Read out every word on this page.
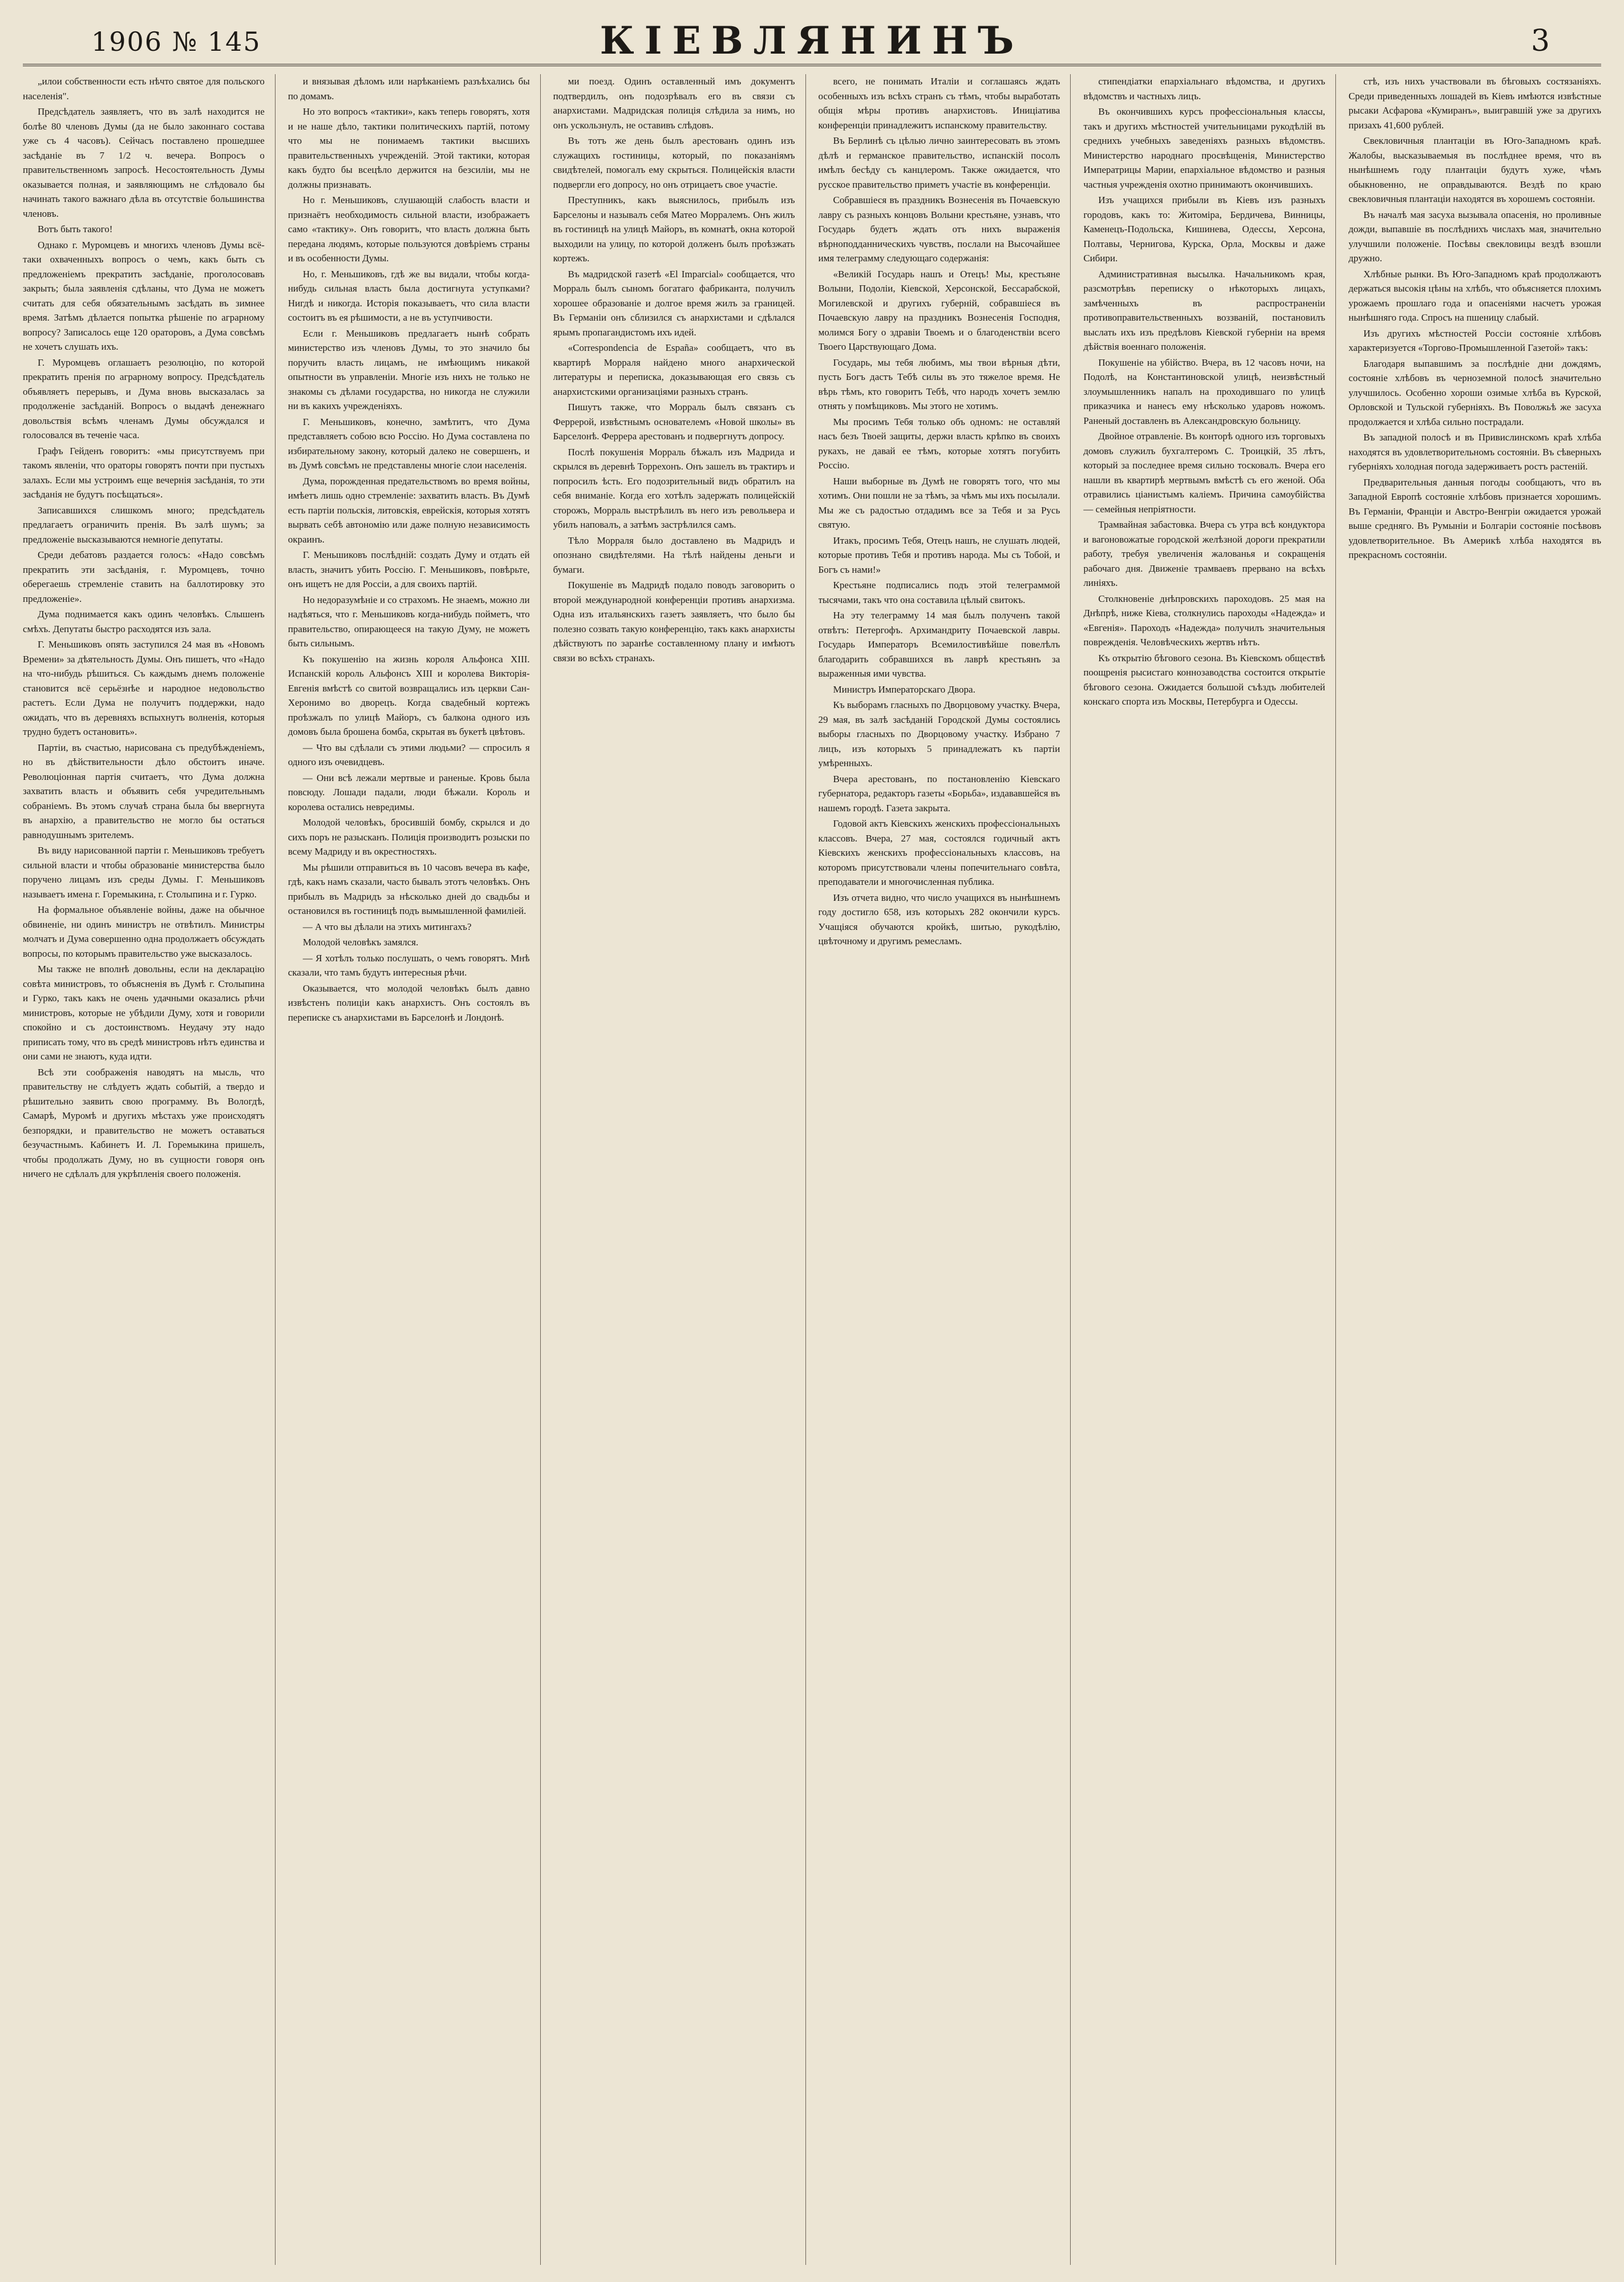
1906 № 145	КІЕВЛЯНИНЪ	3

„илои собственности есть нѣчто святое для польского населенія".

Предсѣдатель заявляетъ, что въ залѣ находится не болѣе 80 членовъ Думы (да не было законнаго состава уже съ 4 часовъ). Сейчасъ поставлено прошедшее засѣданіе въ 7 1/2 ч. вечера. Вопросъ о правительственномъ запросѣ. Несостоятельность Думы оказывается полная, и заявляющимъ не слѣдовало бы начинать такого важнаго дѣла въ отсутствіе большинства членовъ.

Вотъ быть такого!

Однако г. Муромцевъ и многихъ членовъ Думы всё-таки охваченныхъ вопросъ о чемъ, какъ быть съ предложеніемъ прекратить засѣданіе, проголосовавъ закрыть; была заявленія сдѣланы, что Дума не можетъ считать для себя обязательнымъ засѣдать въ зимнее время. Затѣмъ дѣлается попытка рѣшеніе по аграрному вопросу? Записалось еще 120 ораторовъ, а Дума совсѣмъ не хочетъ слушать ихъ.

Г. Муромцевъ оглашаетъ резолюцію, по которой прекратить пренія по аграрному вопросу. Предсѣдатель объявляетъ перерывъ, и Дума вновь высказалась за продолженіе засѣданій. Вопросъ о выдачѣ денежнаго довольствія всѣмъ членамъ Думы обсуждался и голосовался въ теченіе часа.

Графъ Гейденъ говоритъ: «мы присутствуемъ при такомъ явленіи, что ораторы говорятъ почти при пустыхъ залахъ. Если мы устроимъ еще вечернія засѣданія, то эти засѣданія не будутъ посѣщаться».

Записавшихся слишкомъ много; предсѣдатель предлагаетъ ограничить пренія. Въ залѣ шумъ; за предложеніе высказываются немногіе депутаты.

Среди дебатовъ раздается голосъ: «Надо совсѣмъ прекратить эти засѣданія, г. Муромцевъ, точно оберегаешь стремленіе ставить на баллотировку это предложеніе».

Дума поднимается какъ одинъ человѣкъ. Слышенъ смѣхъ. Депутаты быстро расходятся изъ зала.

Г. Меньшиковъ опять заступился 24 мая въ «Новомъ Времени» за дѣятельность Думы. Онъ пишетъ, что «Надо на что-нибудь рѣшиться. Съ каждымъ днемъ положеніе становится всё серьёзнѣе и народное недовольство растетъ. Если Дума не получитъ поддержки, надо ожидать, что въ деревняхъ вспыхнутъ волненія, которыя трудно будетъ остановить».

Партіи, въ счастью, нарисована съ предубѣжденіемъ, но въ дѣйствительности дѣло обстоитъ иначе. Революціонная партія считаетъ, что Дума должна захватить власть и объявить себя учредительнымъ собраніемъ. Въ этомъ случаѣ страна была бы ввергнута въ анархію, а правительство не могло бы остаться равнодушнымъ зрителемъ.

Въ виду нарисованной партіи г. Меньшиковъ требуетъ сильной власти и чтобы образованіе министерства было поручено лицамъ изъ среды Думы. Г. Меньшиковъ называетъ имена г. Горемыкина, г. Столыпина и г. Гурко.

На формальное объявленіе войны, даже на обычное обвиненіе, ни одинъ министръ не отвѣтилъ. Министры молчатъ и Дума совершенно одна продолжаетъ обсуждать вопросы, по которымъ правительство уже высказалось.

Мы также не вполнѣ довольны, если на декларацію совѣта министровъ, то объясненія въ Думѣ г. Столыпина и Гурко, такъ какъ не очень удачными оказались рѣчи министровъ, которые не убѣдили Думу, хотя и говорили спокойно и съ достоинствомъ. Неудачу эту надо приписать тому, что въ средѣ министровъ нѣтъ единства и они сами не знаютъ, куда идти.

Всѣ эти соображенія наводятъ на мысль, что правительству не слѣдуетъ ждать событій, а твердо и рѣшительно заявить свою программу. Въ Вологдѣ, Самарѣ, Муромѣ и другихъ мѣстахъ уже происходятъ безпорядки, и правительство не можетъ оставаться безучастнымъ. Кабинетъ И. Л. Горемыкина пришелъ, чтобы продолжать Думу, но въ сущности говоря онъ ничего не сдѣлалъ для укрѣпленія своего положенія.

и внязывая дѣломъ или нарѣканіемъ разъѣхались бы по домамъ.

Но это вопросъ «тактики», какъ теперь говорятъ, хотя и не наше дѣло, тактики политическихъ партій, потому что мы не понимаемъ тактики высшихъ правительственныхъ учрежденій. Этой тактики, которая какъ будто бы всецѣло держится на безсиліи, мы не должны признавать.

Но г. Меньшиковъ, слушающій слабость власти и признаётъ необходимость сильной власти, изображаетъ само «тактику». Онъ говоритъ, что власть должна быть передана людямъ, которые пользуются довѣріемъ страны и въ особенности Думы.

Но, г. Меньшиковъ, гдѣ же вы видали, чтобы когда-нибудь сильная власть была достигнута уступками? Нигдѣ и никогда. Исторія показываетъ, что сила власти состоитъ въ ея рѣшимости, а не въ уступчивости.

Если г. Меньшиковъ предлагаетъ нынѣ собрать министерство изъ членовъ Думы, то это значило бы поручить власть лицамъ, не имѣющимъ никакой опытности въ управленіи. Многіе изъ нихъ не только не знакомы съ дѣлами государства, но никогда не служили ни въ какихъ учрежденіяхъ.

Г. Меньшиковъ, конечно, замѣтитъ, что Дума представляетъ собою всю Россію. Но Дума составлена по избирательному закону, который далеко не совершенъ, и въ Думѣ совсѣмъ не представлены многіе слои населенія.

Дума, порожденная предательствомъ во время войны, имѣетъ лишь одно стремленіе: захватить власть. Въ Думѣ есть партіи польскія, литовскія, еврейскія, которыя хотятъ вырвать себѣ автономію или даже полную независимость окраинъ.

Г. Меньшиковъ послѣдній: создать Думу и отдать ей власть, значитъ убить Россію. Г. Меньшиковъ, повѣрьте, онъ ищетъ не для Россіи, а для своихъ партій.

Но недоразумѣніе и со страхомъ. Не знаемъ, можно ли надѣяться, что г. Меньшиковъ когда-нибудь пойметъ, что правительство, опирающееся на такую Думу, не можетъ быть сильнымъ.

Къ покушенію на жизнь короля Альфонса XIII. Испанскій король Альфонсъ ХIII и королева Викторія-Евгенія вмѣстѣ со свитой возвращались изъ церкви Сан-Херонимо во дворецъ. Когда свадебный кортежъ проѣзжалъ по улицѣ Майоръ, съ балкона одного изъ домовъ была брошена бомба, скрытая въ букетѣ цвѣтовъ.

— Что вы сдѣлали съ этими людьми? — спросилъ я одного изъ очевидцевъ.

— Они всѣ лежали мертвые и раненые. Кровь была повсюду. Лошади падали, люди бѣжали. Король и королева остались невредимы.

Молодой человѣкъ, бросившій бомбу, скрылся и до сихъ поръ не разысканъ. Полиція производитъ розыски по всему Мадриду и въ окрестностяхъ.

Мы рѣшили отправиться въ 10 часовъ вечера въ кафе, гдѣ, какъ намъ сказали, часто бывалъ этотъ человѣкъ. Онъ прибылъ въ Мадридъ за нѣсколько дней до свадьбы и остановился въ гостиницѣ подъ вымышленной фамиліей.

— А что вы дѣлали на этихъ митингахъ?

Молодой человѣкъ замялся.

— Я хотѣлъ только послушать, о чемъ говорятъ. Мнѣ сказали, что тамъ будутъ интересныя рѣчи.

Оказывается, что молодой человѣкъ былъ давно извѣстенъ полиціи какъ анархистъ. Онъ состоялъ въ переписке съ анархистами въ Барселонѣ и Лондонѣ.

ми поезд. Одинъ оставленный имъ документъ подтвердилъ, онъ подозрѣвалъ его въ связи съ анархистами. Мадридская полиція слѣдила за нимъ, но онъ ускользнулъ, не оставивъ слѣдовъ.

Въ тотъ же день былъ арестованъ одинъ изъ служащихъ гостиницы, который, по показаніямъ свидѣтелей, помогалъ ему скрыться. Полицейскія власти подвергли его допросу, но онъ отрицаетъ свое участіе.

Преступникъ, какъ выяснилось, прибылъ изъ Барселоны и называлъ себя Матео Морралемъ. Онъ жилъ въ гостиницѣ на улицѣ Майоръ, въ комнатѣ, окна которой выходили на улицу, по которой долженъ былъ проѣзжать кортежъ.

Въ мадридской газетѣ «El Imparcial» сообщается, что Морраль былъ сыномъ богатаго фабриканта, получилъ хорошее образованіе и долгое время жилъ за границей. Въ Германіи онъ сблизился съ анархистами и сдѣлался ярымъ пропагандистомъ ихъ идей.

«Correspondencia de España» сообщаетъ, что въ квартирѣ Морраля найдено много анархической литературы и переписка, доказывающая его связь съ анархистскими организаціями разныхъ странъ.

Пишутъ также, что Морраль былъ связанъ съ Феррерой, извѣстнымъ основателемъ «Новой школы» въ Барселонѣ. Феррера арестованъ и подвергнутъ допросу.

Послѣ покушенія Морраль бѣжалъ изъ Мадрида и скрылся въ деревнѣ Торрехонъ. Онъ зашелъ въ трактиръ и попросилъ ѣсть. Его подозрительный видъ обратилъ на себя вниманіе. Когда его хотѣлъ задержать полицейскій сторожъ, Морраль выстрѣлилъ въ него изъ револьвера и убилъ наповалъ, а затѣмъ застрѣлился самъ.

Тѣло Морраля было доставлено въ Мадридъ и опознано свидѣтелями. На тѣлѣ найдены деньги и бумаги.

Покушеніе въ Мадридѣ подало поводъ заговорить о второй международной конференціи противъ анархизма. Одна изъ итальянскихъ газетъ заявляетъ, что было бы полезно созвать такую конференцію, такъ какъ анархисты дѣйствуютъ по заранѣе составленному плану и имѣютъ связи во всѣхъ странахъ.

всего, не понимать Италіи и соглашаясь ждать особенныхъ изъ всѣхъ странъ съ тѣмъ, чтобы выработать общія мѣры противъ анархистовъ. Иниціатива конференціи принадлежитъ испанскому правительству.

Въ Берлинѣ съ цѣлью лично заинтересовать въ этомъ дѣлѣ и германское правительство, испанскій посолъ имѣлъ бесѣду съ канцлеромъ. Также ожидается, что русское правительство приметъ участіе въ конференціи.

Собравшіеся въ праздникъ Вознесенія въ Почаевскую лавру съ разныхъ концовъ Волыни крестьяне, узнавъ, что Государь будетъ ждать отъ нихъ выраженія вѣрноподданническихъ чувствъ, послали на Высочайшее имя телеграмму следующаго содержанія:

«Великій Государь нашъ и Отецъ! Мы, крестьяне Волыни, Подоліи, Кіевской, Херсонской, Бессарабской, Могилевской и другихъ губерній, собравшіеся въ Почаевскую лавру на праздникъ Вознесенія Господня, молимся Богу о здравіи Твоемъ и о благоденствіи всего Твоего Царствующаго Дома.

Государь, мы тебя любимъ, мы твои вѣрныя дѣти, пусть Богъ дастъ Тебѣ силы въ это тяжелое время. Не вѣрь тѣмъ, кто говоритъ Тебѣ, что народъ хочетъ землю отнять у помѣщиковъ. Мы этого не хотимъ.

Мы просимъ Тебя только объ одномъ: не оставляй насъ безъ Твоей защиты, держи власть крѣпко въ своихъ рукахъ, не давай ее тѣмъ, которые хотятъ погубить Россію.

Наши выборные въ Думѣ не говорятъ того, что мы хотимъ. Они пошли не за тѣмъ, за чѣмъ мы ихъ посылали. Мы же съ радостью отдадимъ все за Тебя и за Русь святую.

Итакъ, просимъ Тебя, Отецъ нашъ, не слушать людей, которые противъ Тебя и противъ народа. Мы съ Тобой, и Богъ съ нами!»

Крестьяне подписались подъ этой телеграммой тысячами, такъ что она составила цѣлый свитокъ.

На эту телеграмму 14 мая былъ полученъ такой отвѣтъ: Петергофъ. Архимандриту Почаевской лавры. Государь Императоръ Всемилостивѣйше повелѣлъ благодарить собравшихся въ лаврѣ крестьянъ за выраженныя ими чувства.

Министръ Императорскаго Двора.

Къ выборамъ гласныхъ по Дворцовому участку. Вчера, 29 мая, въ залѣ засѣданій Городской Думы состоялись выборы гласныхъ по Дворцовому участку. Избрано 7 лицъ, изъ которыхъ 5 принадлежатъ къ партіи умѣренныхъ.

Вчера арестованъ, по постановленію Кіевскаго губернатора, редакторъ газеты «Борьба», издававшейся въ нашемъ городѣ. Газета закрыта.

Годовой актъ Кіевскихъ женскихъ профессіональныхъ классовъ. Вчера, 27 мая, состоялся годичный актъ Кіевскихъ женскихъ профессіональныхъ классовъ, на которомъ присутствовали члены попечительнаго совѣта, преподаватели и многочисленная публика.

Изъ отчета видно, что число учащихся въ нынѣшнемъ году достигло 658, изъ которыхъ 282 окончили курсъ. Учащіяся обучаются кройкѣ, шитью, рукодѣлію, цвѣточному и другимъ ремесламъ.

стипендіатки епархіальнаго вѣдомства, и другихъ вѣдомствъ и частныхъ лицъ.

Въ окончившихъ курсъ профессіональныя классы, такъ и другихъ мѣстностей учительницами рукодѣлій въ среднихъ учебныхъ заведеніяхъ разныхъ вѣдомствъ. Министерство народнаго просвѣщенія, Министерство Императрицы Марии, епархіальное вѣдомство и разныя частныя учрежденія охотно принимаютъ окончившихъ.

Изъ учащихся прибыли въ Кіевъ изъ разныхъ городовъ, какъ то: Житоміра, Бердичева, Винницы, Каменецъ-Подольска, Кишинева, Одессы, Херсона, Полтавы, Чернигова, Курска, Орла, Москвы и даже Сибири.

Административная высылка. Начальникомъ края, разсмотрѣвъ переписку о нѣкоторыхъ лицахъ, замѣченныхъ въ распространеніи противоправительственныхъ воззваній, постановилъ выслать ихъ изъ предѣловъ Кіевской губерніи на время дѣйствія военнаго положенія.

Покушеніе на убійство. Вчера, въ 12 часовъ ночи, на Подолѣ, на Константиновской улицѣ, неизвѣстный злоумышленникъ напалъ на проходившаго по улицѣ приказчика и нанесъ ему нѣсколько ударовъ ножомъ. Раненый доставленъ въ Александровскую больницу.

Двойное отравленіе. Въ конторѣ одного изъ торговыхъ домовъ служилъ бухгалтеромъ С. Троицкій, 35 лѣтъ, который за последнее время сильно тосковалъ. Вчера его нашли въ квартирѣ мертвымъ вмѣстѣ съ его женой. Оба отравились ціанистымъ каліемъ. Причина самоубійства — семейныя непріятности.

Трамвайная забастовка. Вчера съ утра всѣ кондуктора и вагоновожатые городской желѣзной дороги прекратили работу, требуя увеличенія жалованья и сокращенія рабочаго дня. Движеніе трамваевъ прервано на всѣхъ линіяхъ.

Столкновеніе днѣпровскихъ пароходовъ. 25 мая на Днѣпрѣ, ниже Кіева, столкнулись пароходы «Надежда» и «Евгенія». Пароходъ «Надежда» получилъ значительныя поврежденія. Человѣческихъ жертвъ нѣтъ.

Къ открытію бѣгового сезона. Въ Кіевскомъ обществѣ поощренія рысистаго коннозаводства состоится открытіе бѣгового сезона. Ожидается большой съѣздъ любителей конскаго спорта изъ Москвы, Петербурга и Одессы.

стѣ, изъ нихъ участвовали въ бѣговыхъ состязаніяхъ. Среди приведенныхъ лошадей въ Кіевъ имѣются извѣстные рысаки Асфарова «Кумиранъ», выигравшій уже за другихъ призахъ 41,600 рублей.

Свекловичныя плантаціи въ Юго-Западномъ краѣ. Жалобы, высказываемыя въ послѣднее время, что въ нынѣшнемъ году плантаціи будутъ хуже, чѣмъ обыкновенно, не оправдываются. Вездѣ по краю свекловичныя плантаціи находятся въ хорошемъ состояніи.

Въ началѣ мая засуха вызывала опасенія, но проливные дожди, выпавшіе въ послѣднихъ числахъ мая, значительно улучшили положеніе. Посѣвы свекловицы вездѣ взошли дружно.

Хлѣбные рынки. Въ Юго-Западномъ краѣ продолжаютъ держаться высокія цѣны на хлѣбъ, что объясняется плохимъ урожаемъ прошлаго года и опасеніями насчетъ урожая нынѣшняго года. Спросъ на пшеницу слабый.

Изъ другихъ мѣстностей Россіи состояніе хлѣбовъ характеризуется «Торгово-Промышленной Газетой» такъ:

Благодаря выпавшимъ за послѣдніе дни дождямъ, состояніе хлѣбовъ въ черноземной полосѣ значительно улучшилось. Особенно хороши озимые хлѣба въ Курской, Орловской и Тульской губерніяхъ. Въ Поволжьѣ же засуха продолжается и хлѣба сильно пострадали.

Въ западной полосѣ и въ Привислинскомъ краѣ хлѣба находятся въ удовлетворительномъ состояніи. Въ сѣверныхъ губерніяхъ холодная погода задерживаетъ ростъ растеній.

Предварительныя данныя погоды сообщаютъ, что въ Западной Европѣ состояніе хлѣбовъ признается хорошимъ. Въ Германіи, Франціи и Австро-Венгріи ожидается урожай выше средняго. Въ Румыніи и Болгаріи состояніе посѣвовъ удовлетворительное. Въ Америкѣ хлѣба находятся въ прекрасномъ состояніи.
